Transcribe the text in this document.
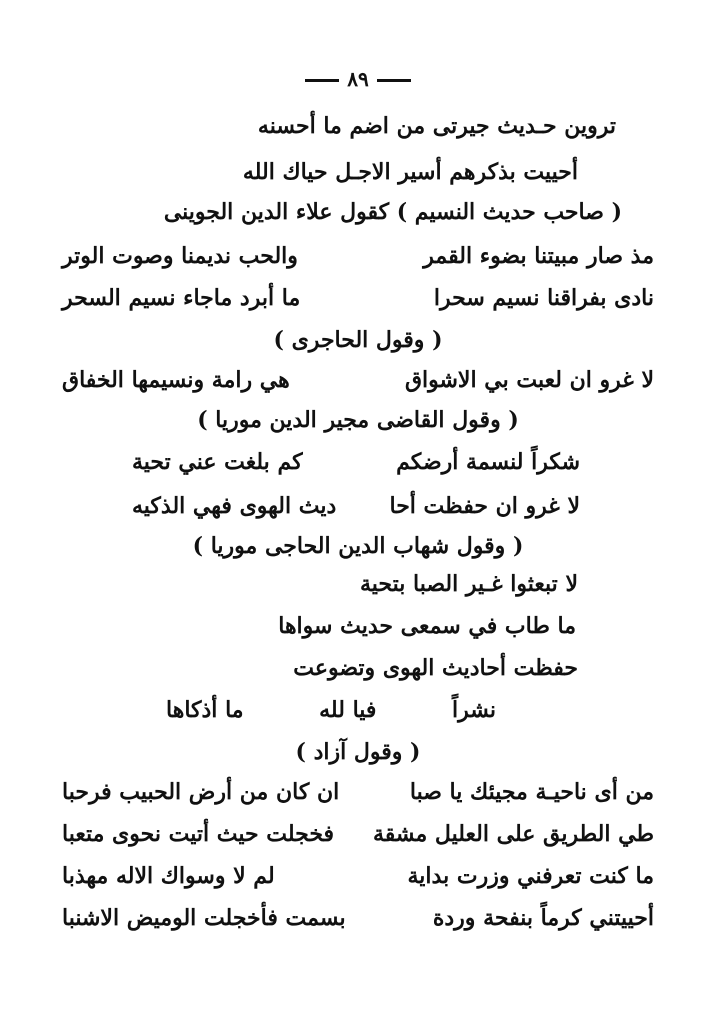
٨٩
تروين حـديث جيرتى من اضم ما أحسنه
أحييت بذكرهم أسير الاجـل حياك الله
( صاحب حديث النسيم ) كقول علاء الدين الجوينى
مذ صار مبيتنا بضوء القمر
والحب نديمنا وصوت الوتر
نادى بفراقنا نسيم سحرا
ما أبرد ماجاء نسيم السحر
( وقول الحاجرى )
لا غرو ان لعبت بي الاشواق
هي رامة ونسيمها الخفاق
( وقول القاضى مجير الدين موريا )
شكراً لنسمة أرضكم
كم بلغت عني تحية
لا غرو ان حفظت أحا
ديث الهوى فهي الذكيه
( وقول شهاب الدين الحاجى موريا )
لا تبعثوا غـير الصبا بتحية
ما طاب في سمعى حديث سواها
حفظت أحاديث الهوى وتضوعت
نشراً
فيا لله
ما أذكاها
( وقول آزاد )
من أى ناحيـة مجيئك يا صبا
ان كان من أرض الحبيب فرحبا
طي الطريق على العليل مشقة
فخجلت حيث أتيت نحوى متعبا
ما كنت تعرفني وزرت بداية
لم لا وسواك الاله مهذبا
أحييتني كرماً بنفحة وردة
بسمت فأخجلت الوميض الاشنبا
